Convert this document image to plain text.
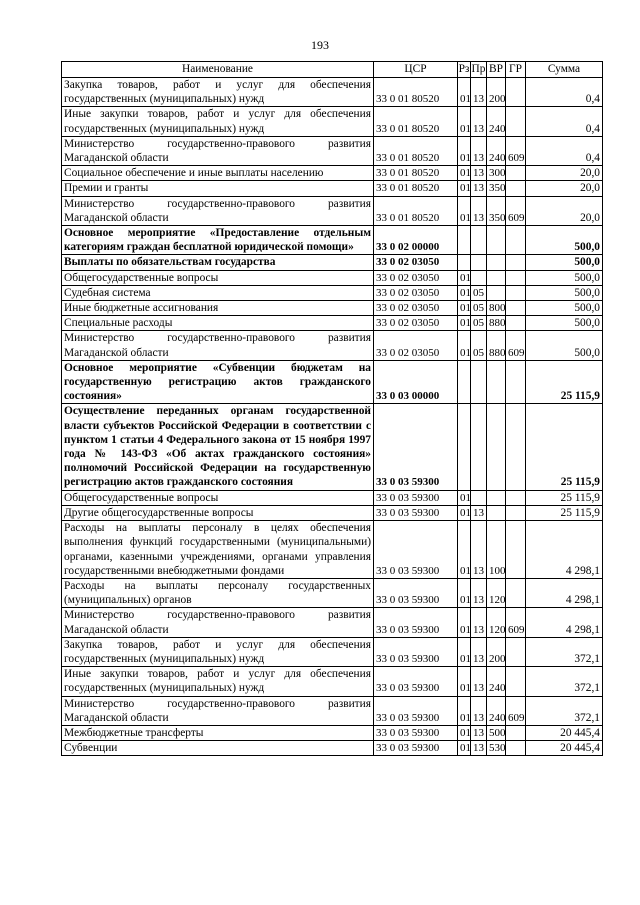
193
Наименование	ЦСР	Рз	Пр	ВР	ГР	Сумма
Закупка товаров, работ и услуг для обеспечения государственных (муниципальных) нужд	33 0 01 80520	01	13	200		0,4
Иные закупки товаров, работ и услуг для обеспечения государственных (муниципальных) нужд	33 0 01 80520	01	13	240		0,4
Министерство государственно-правового развития Магаданской области	33 0 01 80520	01	13	240	609	0,4
Социальное обеспечение и иные выплаты населению	33 0 01 80520	01	13	300		20,0
Премии и гранты	33 0 01 80520	01	13	350		20,0
Министерство государственно-правового развития Магаданской области	33 0 01 80520	01	13	350	609	20,0
Основное мероприятие «Предоставление отдельным категориям граждан бесплатной юридической помощи»	33 0 02 00000					500,0
Выплаты по обязательствам государства	33 0 02 03050					500,0
Общегосударственные вопросы	33 0 02 03050	01				500,0
Судебная система	33 0 02 03050	01	05			500,0
Иные бюджетные ассигнования	33 0 02 03050	01	05	800		500,0
Специальные расходы	33 0 02 03050	01	05	880		500,0
Министерство государственно-правового развития Магаданской области	33 0 02 03050	01	05	880	609	500,0
Основное мероприятие «Субвенции бюджетам на государственную регистрацию актов гражданского состояния»	33 0 03 00000					25 115,9
Осуществление переданных органам государственной власти субъектов Российской Федерации в соответствии с пунктом 1 статьи 4 Федерального закона от 15 ноября 1997 года № 143-ФЗ «Об актах гражданского состояния» полномочий Российской Федерации на государственную регистрацию актов гражданского состояния	33 0 03 59300					25 115,9
Общегосударственные вопросы	33 0 03 59300	01				25 115,9
Другие общегосударственные вопросы	33 0 03 59300	01	13			25 115,9
Расходы на выплаты персоналу в целях обеспечения выполнения функций государственными (муниципальными) органами, казенными учреждениями, органами управления государственными внебюджетными фондами	33 0 03 59300	01	13	100		4 298,1
Расходы на выплаты персоналу государственных (муниципальных) органов	33 0 03 59300	01	13	120		4 298,1
Министерство государственно-правового развития Магаданской области	33 0 03 59300	01	13	120	609	4 298,1
Закупка товаров, работ и услуг для обеспечения государственных (муниципальных) нужд	33 0 03 59300	01	13	200		372,1
Иные закупки товаров, работ и услуг для обеспечения государственных (муниципальных) нужд	33 0 03 59300	01	13	240		372,1
Министерство государственно-правового развития Магаданской области	33 0 03 59300	01	13	240	609	372,1
Межбюджетные трансферты	33 0 03 59300	01	13	500		20 445,4
Субвенции	33 0 03 59300	01	13	530		20 445,4
